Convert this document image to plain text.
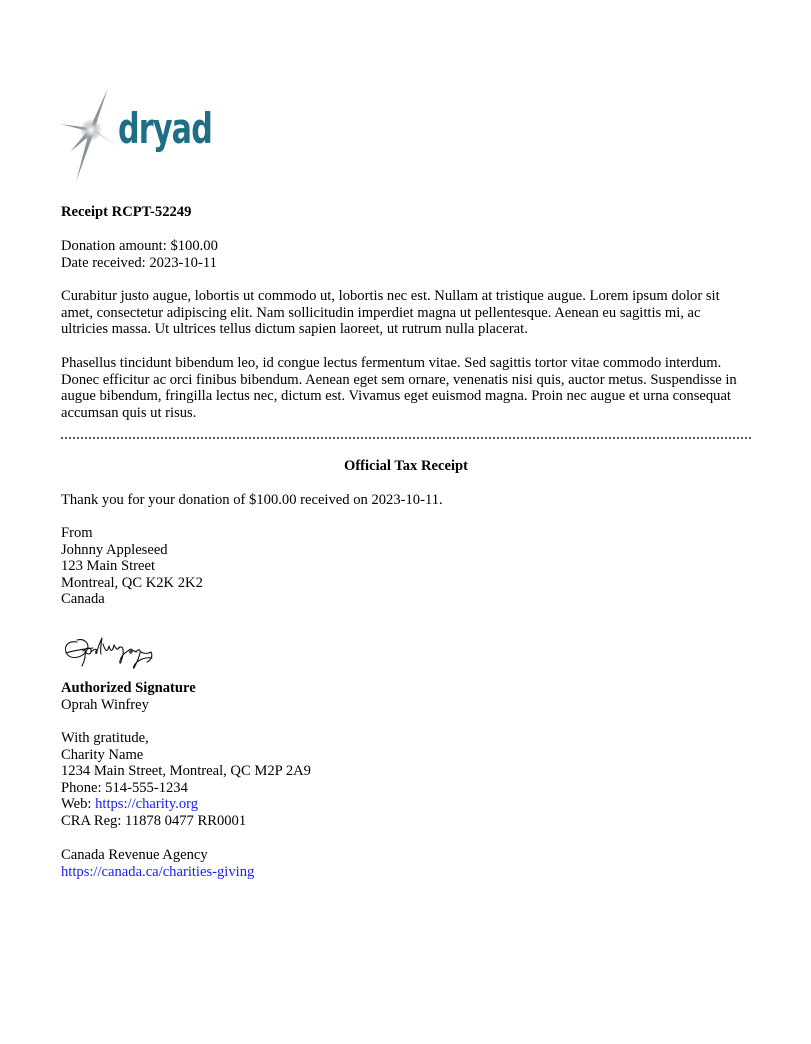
dryad
Receipt RCPT-52249
Donation amount: $100.00
Date received: 2023-10-11
Curabitur justo augue, lobortis ut commodo ut, lobortis nec est. Nullam at tristique augue. Lorem ipsum dolor sit amet, consectetur adipiscing elit. Nam sollicitudin imperdiet magna ut pellentesque. Aenean eu sagittis mi, ac ultricies massa. Ut ultrices tellus dictum sapien laoreet, ut rutrum nulla placerat.
Phasellus tincidunt bibendum leo, id congue lectus fermentum vitae. Sed sagittis tortor vitae commodo interdum. Donec efficitur ac orci finibus bibendum. Aenean eget sem ornare, venenatis nisi quis, auctor metus. Suspendisse in augue bibendum, fringilla lectus nec, dictum est. Vivamus eget euismod magna. Proin nec augue et urna consequat accumsan quis ut risus.
Official Tax Receipt
Thank you for your donation of $100.00 received on 2023-10-11.
From
Johnny Appleseed
123 Main Street
Montreal, QC K2K 2K2
Canada
Authorized Signature
Oprah Winfrey
With gratitude,
Charity Name
1234 Main Street, Montreal, QC M2P 2A9
Phone: 514-555-1234
Web: https://charity.org
CRA Reg: 11878 0477 RR0001
Canada Revenue Agency
https://canada.ca/charities-giving
